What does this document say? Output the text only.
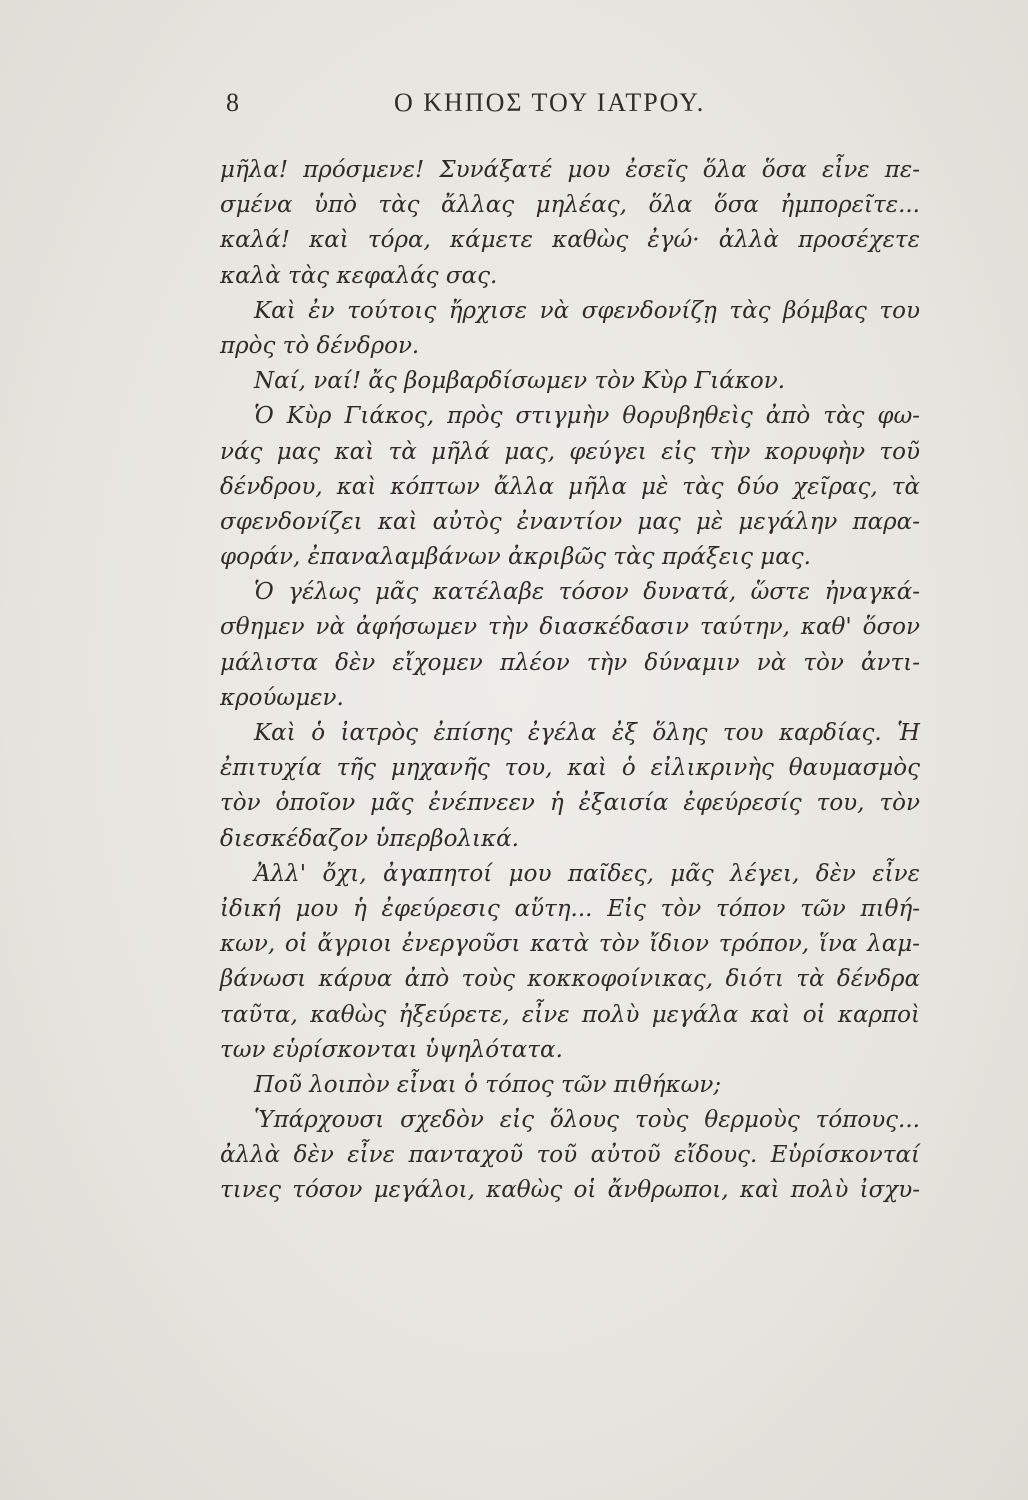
8	Ο ΚΗΠΟΣ ΤΟΥ ΙΑΤΡΟΥ.
μῆλα! πρόσμενε! Συνάξατέ μου ἐσεῖς ὅλα ὅσα εἶνε πε-
σμένα ὑπὸ τὰς ἄλλας μηλέας, ὅλα ὅσα ἠμπορεῖτε...
καλά! καὶ τόρα, κάμετε καθὼς ἐγώ· ἀλλὰ προσέχετε
καλὰ τὰς κεφαλάς σας.
Καὶ ἐν τούτοις ἤρχισε νὰ σφενδονίζῃ τὰς βόμβας του
πρὸς τὸ δένδρον.
Ναί, ναί! ἄς βομβαρδίσωμεν τὸν Κὺρ Γιάκον.
Ὁ Κὺρ Γιάκος, πρὸς στιγμὴν θορυβηθεὶς ἀπὸ τὰς φω-
νάς μας καὶ τὰ μῆλά μας, φεύγει εἰς τὴν κορυφὴν τοῦ
δένδρου, καὶ κόπτων ἄλλα μῆλα μὲ τὰς δύο χεῖρας, τὰ
σφενδονίζει καὶ αὐτὸς ἐναντίον μας μὲ μεγάλην παρα-
φοράν, ἐπαναλαμβάνων ἀκριβῶς τὰς πράξεις μας.
Ὁ γέλως μᾶς κατέλαβε τόσον δυνατά, ὥστε ἠναγκά-
σθημεν νὰ ἀφήσωμεν τὴν διασκέδασιν ταύτην, καθ' ὅσον
μάλιστα δὲν εἴχομεν πλέον τὴν δύναμιν νὰ τὸν ἀντι-
κρούωμεν.
Καὶ ὁ ἰατρὸς ἐπίσης ἐγέλα ἐξ ὅλης του καρδίας. Ἡ
ἐπιτυχία τῆς μηχανῆς του, καὶ ὁ εἰλικρινὴς θαυμασμὸς
τὸν ὁποῖον μᾶς ἐνέπνεεν ἡ ἐξαισία ἐφεύρεσίς του, τὸν
διεσκέδαζον ὑπερβολικά.
Ἀλλ' ὄχι, ἀγαπητοί μου παῖδες, μᾶς λέγει, δὲν εἶνε
ἰδική μου ἡ ἐφεύρεσις αὕτη... Εἰς τὸν τόπον τῶν πιθή-
κων, οἱ ἄγριοι ἐνεργοῦσι κατὰ τὸν ἴδιον τρόπον, ἵνα λαμ-
βάνωσι κάρυα ἀπὸ τοὺς κοκκοφοίνικας, διότι τὰ δένδρα
ταῦτα, καθὼς ἠξεύρετε, εἶνε πολὺ μεγάλα καὶ οἱ καρποὶ
των εὑρίσκονται ὑψηλότατα.
Ποῦ λοιπὸν εἶναι ὁ τόπος τῶν πιθήκων;
Ὑπάρχουσι σχεδὸν εἰς ὅλους τοὺς θερμοὺς τόπους...
ἀλλὰ δὲν εἶνε πανταχοῦ τοῦ αὐτοῦ εἴδους. Εὑρίσκονταί
τινες τόσον μεγάλοι, καθὼς οἱ ἄνθρωποι, καὶ πολὺ ἰσχυ-
